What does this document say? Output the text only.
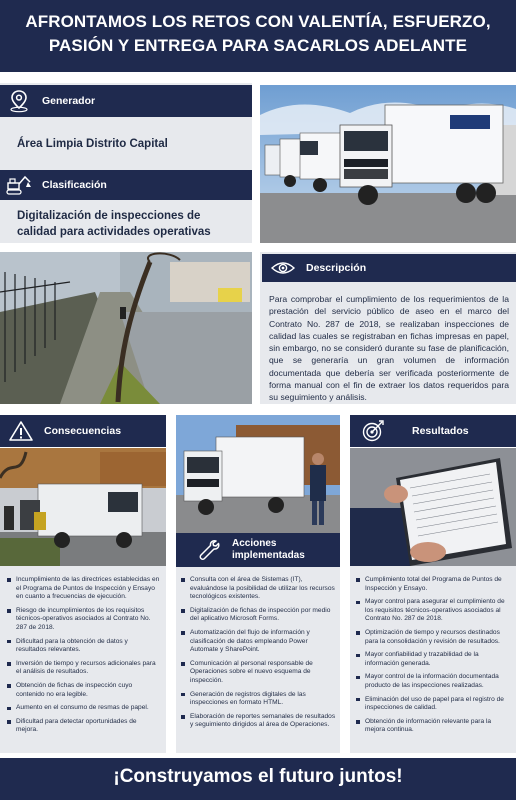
AFRONTAMOS LOS RETOS CON VALENTÍA, ESFUERZO,
PASIÓN Y ENTREGA PARA SACARLOS ADELANTE
Generador
Área Limpia Distrito Capital
Clasificación
Digitalización de inspecciones de
calidad para actividades operativas
Descripción
Para comprobar el cumplimiento de los requerimientos de la prestación del servicio público de aseo en el marco del Contrato No. 287 de 2018, se realizaban inspecciones de calidad las cuales se registraban en fichas impresas en papel, sin embargo, no se consideró durante su fase de planificación, que se generaría un gran volumen de información documentada que debería ser verificada posteriormente de forma manual con el fin de extraer los datos requeridos para su seguimiento y análisis.
Consecuencias
Incumplimiento de las directrices establecidas en el Programa de Puntos de Inspección y Ensayo en cuanto a frecuencias de ejecución.
Riesgo de incumplimientos de los requisitos técnicos-operativos asociados al Contrato No. 287 de 2018.
Dificultad para la obtención de datos y resultados relevantes.
Inversión de tiempo y recursos adicionales para el análisis de resultados.
Obtención de fichas de inspección cuyo contenido no era legible.
Aumento en el consumo de resmas de papel.
Dificultad para detectar oportunidades de mejora.
Acciones
implementadas
Consulta con el área de Sistemas (IT), evaluándose la posibilidad de utilizar los recursos tecnológicos existentes.
Digitalización de fichas de inspección por medio del aplicativo Microsoft Forms.
Automatización del flujo de información y clasificación de datos empleando Power Automate y SharePoint.
Comunicación al personal responsable de Operaciones sobre el nuevo esquema de inspección.
Generación de registros digitales de las inspecciones en formato HTML.
Elaboración de reportes semanales de resultados y seguimiento dirigidos al área de Operaciones.
Resultados
Cumplimiento total del Programa de Puntos de Inspección y Ensayo.
Mayor control para asegurar el cumplimiento de los requisitos técnicos-operativos asociados al Contrato No. 287 de 2018.
Optimización de tiempo y recursos destinados para la consolidación y revisión de resultados.
Mayor confiabilidad y trazabilidad de la información generada.
Mayor control de la información documentada producto de las inspecciones realizadas.
Eliminación del uso de papel para el registro de inspecciones de calidad.
Obtención de información relevante para la mejora continua.
¡Construyamos el futuro juntos!
